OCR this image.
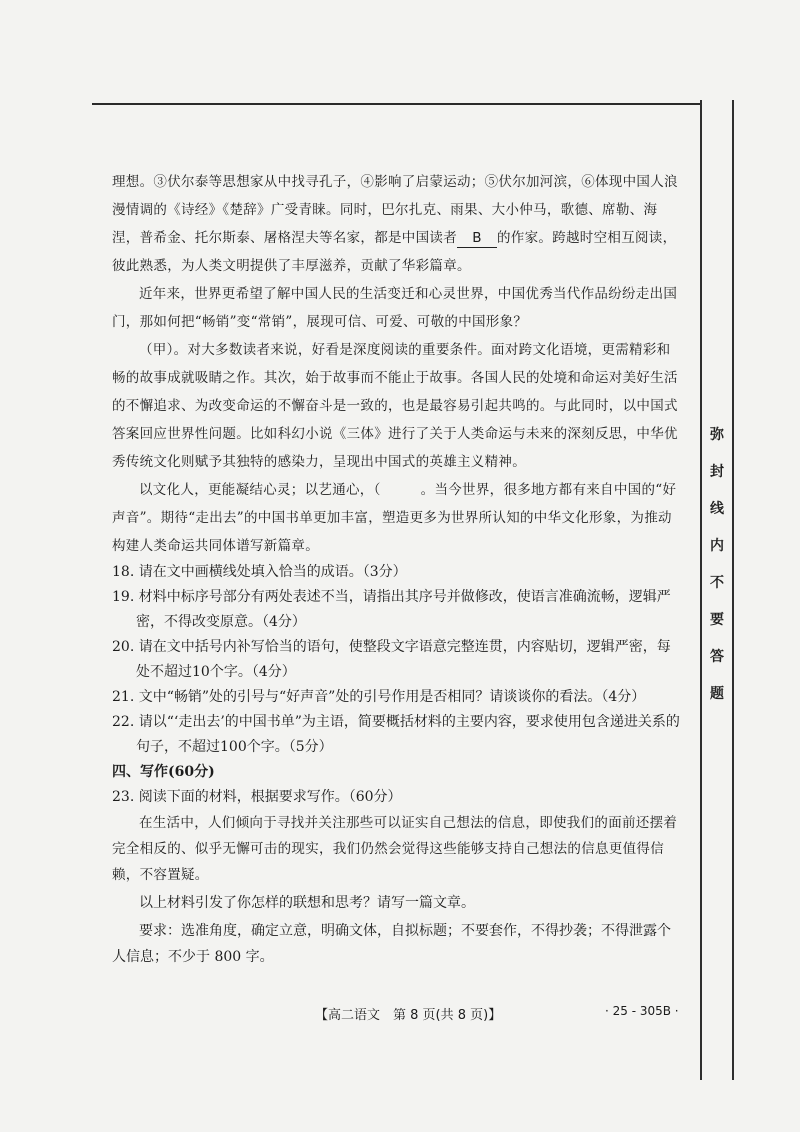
弥
封
线
内
不
要
答
题

理想。③伏尔泰等思想家从中找寻孔子，④影响了启蒙运动；⑤伏尔加河滨，⑥体现中国人浪漫情调的《诗经》《楚辞》广受青睐。同时，巴尔扎克、雨果、大小仲马，歌德、席勒、海涅，普希金、托尔斯泰、屠格涅夫等名家，都是中国读者 B 的作家。跨越时空相互阅读，彼此熟悉，为人类文明提供了丰厚滋养，贡献了华彩篇章。

近年来，世界更希望了解中国人民的生活变迁和心灵世界，中国优秀当代作品纷纷走出国门，那如何把“畅销”变“常销”，展现可信、可爱、可敬的中国形象？

（甲）。对大多数读者来说，好看是深度阅读的重要条件。面对跨文化语境，更需精彩和畅的故事成就吸睛之作。其次，始于故事而不能止于故事。各国人民的处境和命运对美好生活的不懈追求、为改变命运的不懈奋斗是一致的，也是最容易引起共鸣的。与此同时，以中国式答案回应世界性问题。比如科幻小说《三体》进行了关于人类命运与未来的深刻反思，中华优秀传统文化则赋予其独特的感染力，呈现出中国式的英雄主义精神。

以文化人，更能凝结心灵；以艺通心，（	。当今世界，很多地方都有来自中国的“好声音”。期待“走出去”的中国书单更加丰富，塑造更多为世界所认知的中华文化形象，为推动构建人类命运共同体谱写新篇章。

18. 请在文中画横线处填入恰当的成语。（3分）

19. 材料中标序号部分有两处表述不当，请指出其序号并做修改，使语言准确流畅，逻辑严密，不得改变原意。（4分）

20. 请在文中括号内补写恰当的语句，使整段文字语意完整连贯，内容贴切，逻辑严密，每处不超过10个字。（4分）

21. 文中“畅销”处的引号与“好声音”处的引号作用是否相同？请谈谈你的看法。（4分）

22. 请以“‘走出去’的中国书单”为主语，简要概括材料的主要内容，要求使用包含递进关系的句子，不超过100个字。（5分）

四、写作(60分)

23. 阅读下面的材料，根据要求写作。（60分）

在生活中，人们倾向于寻找并关注那些可以证实自己想法的信息，即使我们的面前还摆着完全相反的、似乎无懈可击的现实，我们仍然会觉得这些能够支持自己想法的信息更值得信赖，不容置疑。

以上材料引发了你怎样的联想和思考？请写一篇文章。

要求：选准角度，确定立意，明确文体，自拟标题；不要套作，不得抄袭；不得泄露个人信息；不少于 800 字。

【高二语文　第 8 页(共 8 页)】	· 25 - 305B ·
